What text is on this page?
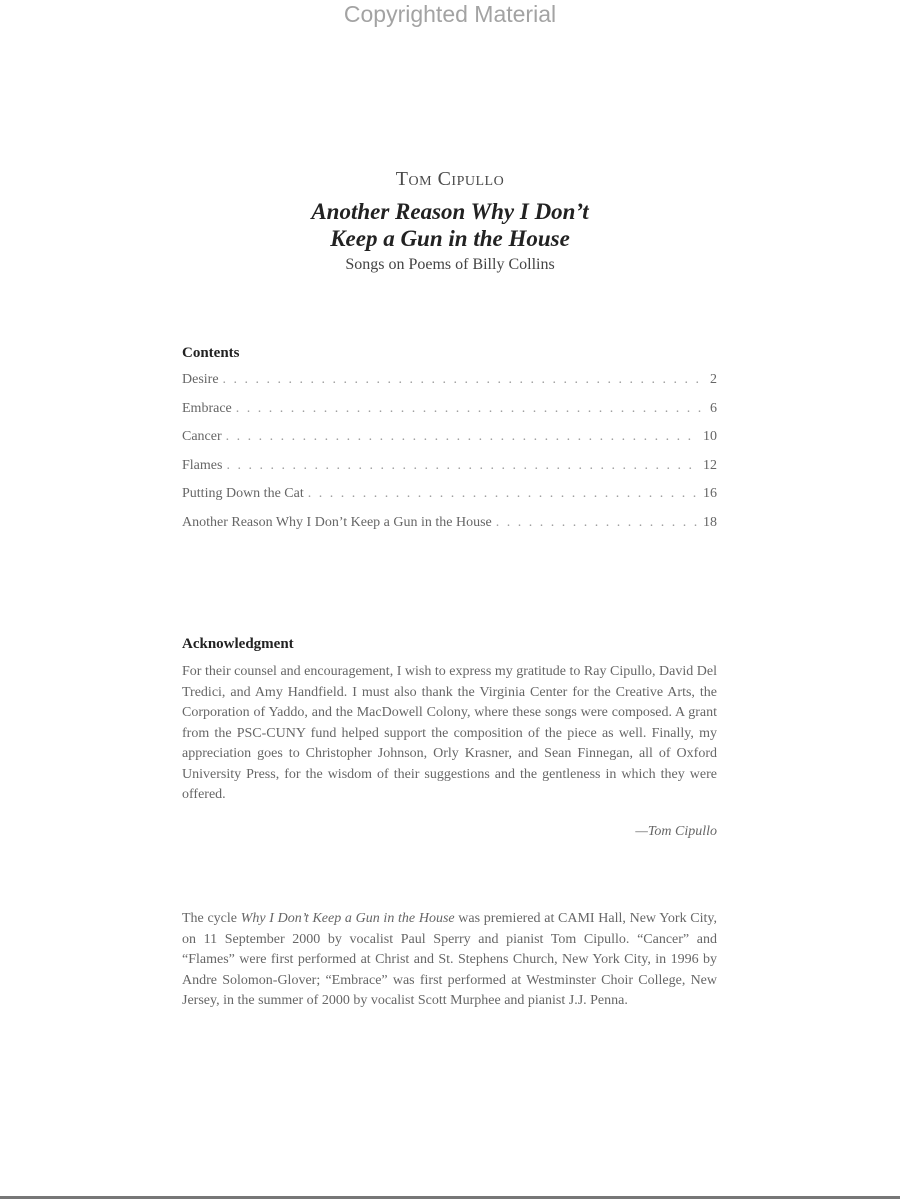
Copyrighted Material
Tom Cipullo
Another Reason Why I Don’t
Keep a Gun in the House
Songs on Poems of Billy Collins
Contents
Desire . . .	2
Embrace . . .	6
Cancer . . .	10
Flames . . .	12
Putting Down the Cat . . .	16
Another Reason Why I Don’t Keep a Gun in the House . . .	18
Acknowledgment

For their counsel and encouragement, I wish to express my gratitude to Ray Cipullo, David Del Tredici, and Amy Handfield. I must also thank the Virginia Center for the Creative Arts, the Corporation of Yaddo, and the MacDowell Colony, where these songs were composed. A grant from the PSC-CUNY fund helped support the composition of the piece as well. Finally, my appreciation goes to Christopher Johnson, Orly Krasner, and Sean Finnegan, all of Oxford University Press, for the wisdom of their suggestions and the gentleness in which they were offered.

—Tom Cipullo

The cycle Why I Don’t Keep a Gun in the House was premiered at CAMI Hall, New York City, on 11 September 2000 by vocalist Paul Sperry and pianist Tom Cipullo. “Cancer” and “Flames” were first performed at Christ and St. Stephens Church, New York City, in 1996 by Andre Solomon-Glover; “Embrace” was first performed at Westminster Choir College, New Jersey, in the summer of 2000 by vocalist Scott Murphee and pianist J.J. Penna.
